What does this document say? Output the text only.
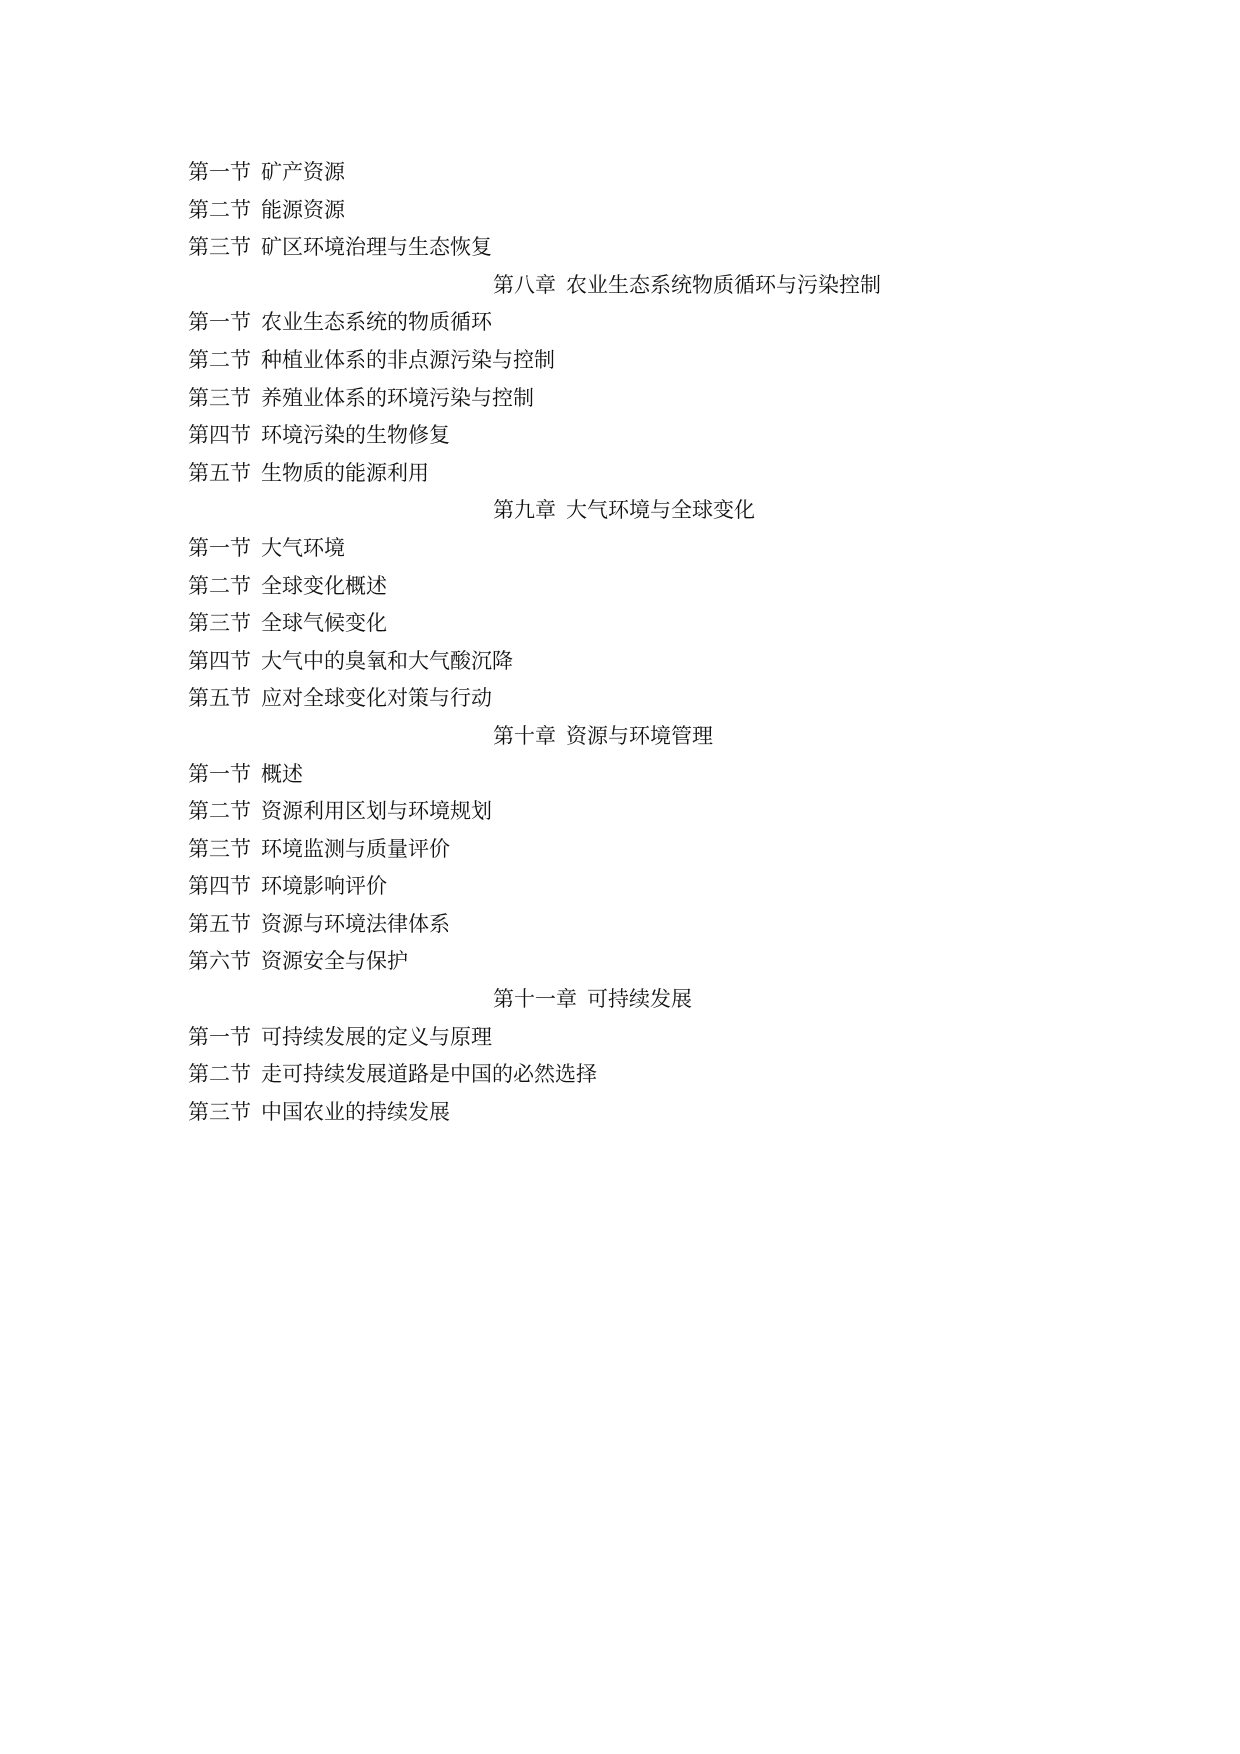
第一节 矿产资源
第二节 能源资源
第三节 矿区环境治理与生态恢复
第八章 农业生态系统物质循环与污染控制
第一节 农业生态系统的物质循环
第二节 种植业体系的非点源污染与控制
第三节 养殖业体系的环境污染与控制
第四节 环境污染的生物修复
第五节 生物质的能源利用
第九章 大气环境与全球变化
第一节 大气环境
第二节 全球变化概述
第三节 全球气候变化
第四节 大气中的臭氧和大气酸沉降
第五节 应对全球变化对策与行动
第十章 资源与环境管理
第一节 概述
第二节 资源利用区划与环境规划
第三节 环境监测与质量评价
第四节 环境影响评价
第五节 资源与环境法律体系
第六节 资源安全与保护
第十一章 可持续发展
第一节 可持续发展的定义与原理
第二节 走可持续发展道路是中国的必然选择
第三节 中国农业的持续发展
